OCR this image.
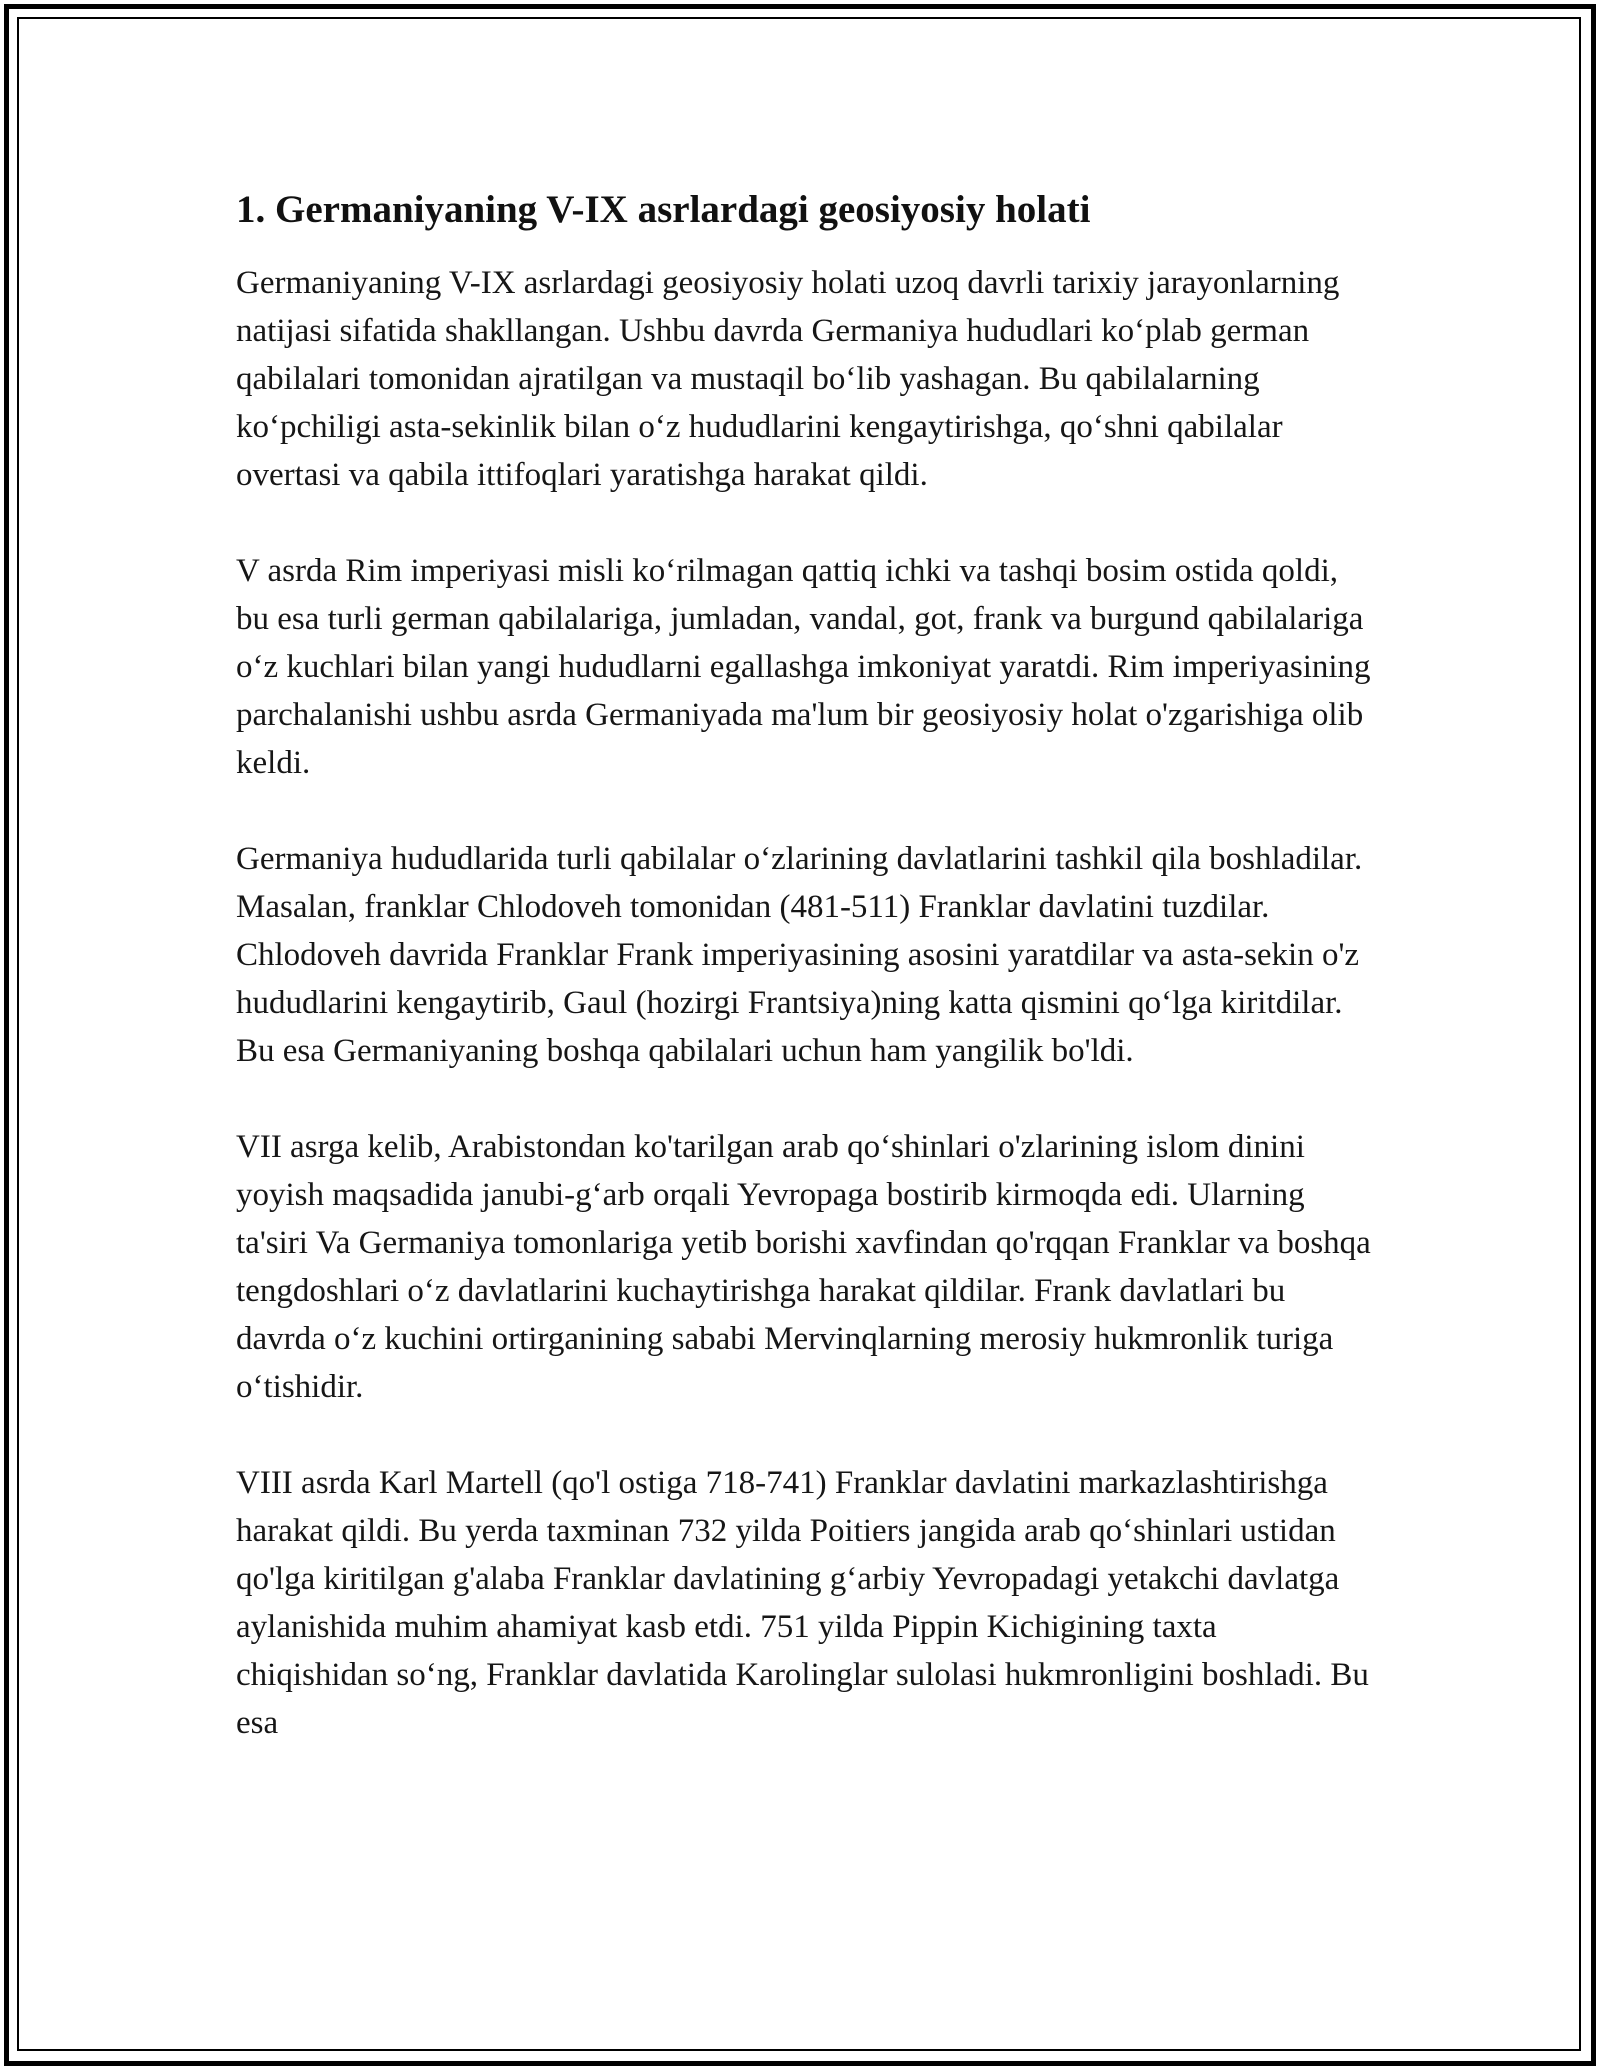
1. Germaniyaning V-IX asrlardagi geosiyosiy holati

Germaniyaning V-IX asrlardagi geosiyosiy holati uzoq davrli tarixiy jarayonlarning natijasi sifatida shakllangan. Ushbu davrda Germaniya hududlari ko‘plab german qabilalari tomonidan ajratilgan va mustaqil bo‘lib yashagan. Bu qabilalarning ko‘pchiligi asta-sekinlik bilan o‘z hududlarini kengaytirishga, qo‘shni qabilalar overtasi va qabila ittifoqlari yaratishga harakat qildi.

V asrda Rim imperiyasi misli ko‘rilmagan qattiq ichki va tashqi bosim ostida qoldi, bu esa turli german qabilalariga, jumladan, vandal, got, frank va burgund qabilalariga o‘z kuchlari bilan yangi hududlarni egallashga imkoniyat yaratdi. Rim imperiyasining parchalanishi ushbu asrda Germaniyada ma'lum bir geosiyosiy holat o'zgarishiga olib keldi.

Germaniya hududlarida turli qabilalar o‘zlarining davlatlarini tashkil qila boshladilar. Masalan, franklar Chlodoveh tomonidan (481-511) Franklar davlatini tuzdilar. Chlodoveh davrida Franklar Frank imperiyasining asosini yaratdilar va asta-sekin o'z hududlarini kengaytirib, Gaul (hozirgi Frantsiya)ning katta qismini qo‘lga kiritdilar. Bu esa Germaniyaning boshqa qabilalari uchun ham yangilik bo'ldi.

VII asrga kelib, Arabistondan ko'tarilgan arab qo‘shinlari o'zlarining islom dinini yoyish maqsadida janubi-g‘arb orqali Yevropaga bostirib kirmoqda edi. Ularning ta'siri Va Germaniya tomonlariga yetib borishi xavfindan qo'rqqan Franklar va boshqa tengdoshlari o‘z davlatlarini kuchaytirishga harakat qildilar. Frank davlatlari bu davrda o‘z kuchini ortirganining sababi Mervinqlarning merosiy hukmronlik turiga o‘tishidir.

VIII asrda Karl Martell (qo'l ostiga 718-741) Franklar davlatini markazlashtirishga harakat qildi. Bu yerda taxminan 732 yilda Poitiers jangida arab qo‘shinlari ustidan qo'lga kiritilgan g'alaba Franklar davlatining g‘arbiy Yevropadagi yetakchi davlatga aylanishida muhim ahamiyat kasb etdi. 751 yilda Pippin Kichigining taxta chiqishidan so‘ng, Franklar davlatida Karolinglar sulolasi hukmronligini boshladi. Bu esa
